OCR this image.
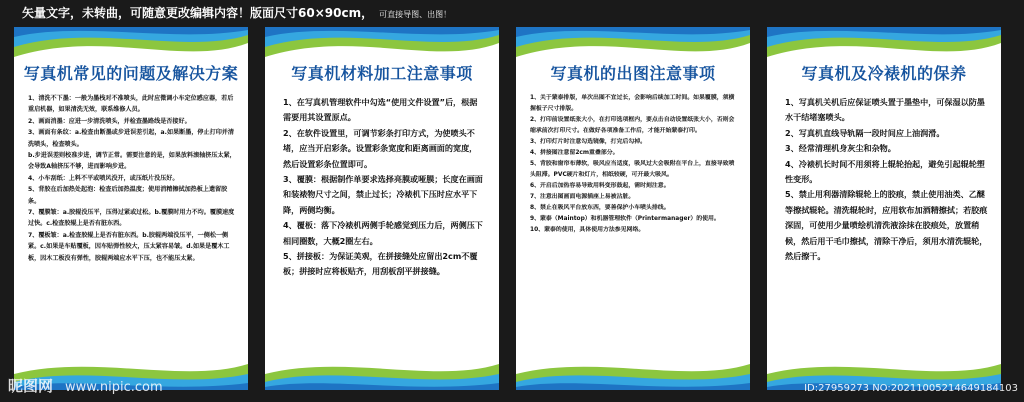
矢量文字，未转曲，可随意更改编辑内容！版面尺寸60×90cm， 可直接导图、出图！
写真机常见的问题及解决方案
1、清洗不下墨：一般为墨栈对不准喷头，此时应微调小车定位感应器，若后重启机器，如果清洗无效，联系维修人员。
2、画面消墨：应进一步清洗喷头，并检查墨路线是否接好。
3、画面有条纹：a.检查由断墨或步进误差引起，a.如果断墨，停止打印并清洗喷头，检查喷头。
b.步进误差则校准步进，调节正常。需要注意的是，如果放料滚轴挤压太紧，会导致A轴挤压不够，进而影响步进。
4、小车刮纸：上料不平或喷风没开，或压纸片没压好。
5、背胶在后加热处起泡：检查后加热温度；使用消精擦拭加热板上遗留胶条。
7、覆膜皱：a.胶辊没压平，压得过紧或过松。b.覆膜时用力不均。覆膜速度过快。c.检查胶辊上是否有脏东西。
7、覆板皱：a.检查胶辊上是否有脏东西。b.胶辊两端没压平，一侧松一侧紧。c.如果是车贴覆板，因车贴弹性较大，压太紧容易皱。d.如果是覆木工板，因木工板没有弹性，胶辊两端应水平下压，也不能压太紧。
写真机材料加工注意事项
1、在写真机管理软件中勾选“使用文件设置”后，根据需要用其设置原点。
2、在软件设置里，可调节彩条打印方式，为使喷头不堵，应当开启彩条。设置彩条宽度和距离画面的宽度，然后设置彩条位置即可。
3、覆膜：根据制作单要求选择亮膜或哑膜；长度在画面和装裱物尺寸之间，禁止过长；冷裱机下压时应水平下降，两侧均衡。
4、覆板：落下冷裱机两侧手轮感觉到压力后，两侧压下相同圈数，大概2圈左右。
5、拼接板：为保证美观，在拼接缝处应留出2cm不覆板；拼接时应将板贴齐，用刮板刮平拼接缝。
写真机的出图注意事项
1、关于蒙泰排版，单次出图不宜过长，会影响后续加工时间。如果覆膜，须横握板子尺寸排版。
2、打印前设置纸张大小，在打印选项框内，要点击自动设置纸张大小，否则会缩承前次打印尺寸。在做好各项准备工作后，才能开始蒙泰打印。
3、打印灯片时注意勾选镜像，打完后勾掉。
4、拼接图注意留2cm重叠部分。
5、背胶和窗帘布薄软，吸风应当适度，吸风过大会吸附在平台上，直接导致喷头阻滞。PVC硬片和灯片，相纸较硬，可开最大吸风。
6、开启后加热容易导致用料变形鼓起，需时刻注意。
7、注意出图画面电源插座上易被沾脏。
8、禁止在吸风平台放东西，要善保护小车喷头排线。
9、蒙泰（Maintop）和机器管理软件（Printermanager）的使用。
10、蒙泰的使用，具体使用方法参见网络。
写真机及冷裱机的保养
1、写真机关机后应保证喷头置于墨垫中，可保湿以防墨水干结堵塞喷头。
2、写真机直线导轨隔一段时间应上油润滑。
3、经常清理机身灰尘和杂物。
4、冷裱机长时间不用须将上辊轮抬起，避免引起辊轮塑性变形。
5、禁止用利器清除辊轮上的胶痕，禁止使用油类、乙醚等擦拭辊轮。清洗辊轮时，应用软布加酒精擦拭；若胶痕深固，可使用少量喷绘机清洗液涂抹在胶痕处，放置稍候，然后用干毛巾擦拭，清除干净后，须用水清洗辊轮，然后擦干。
昵图网 www.nipic.com	ID:27959273 NO:20211005214649184103
